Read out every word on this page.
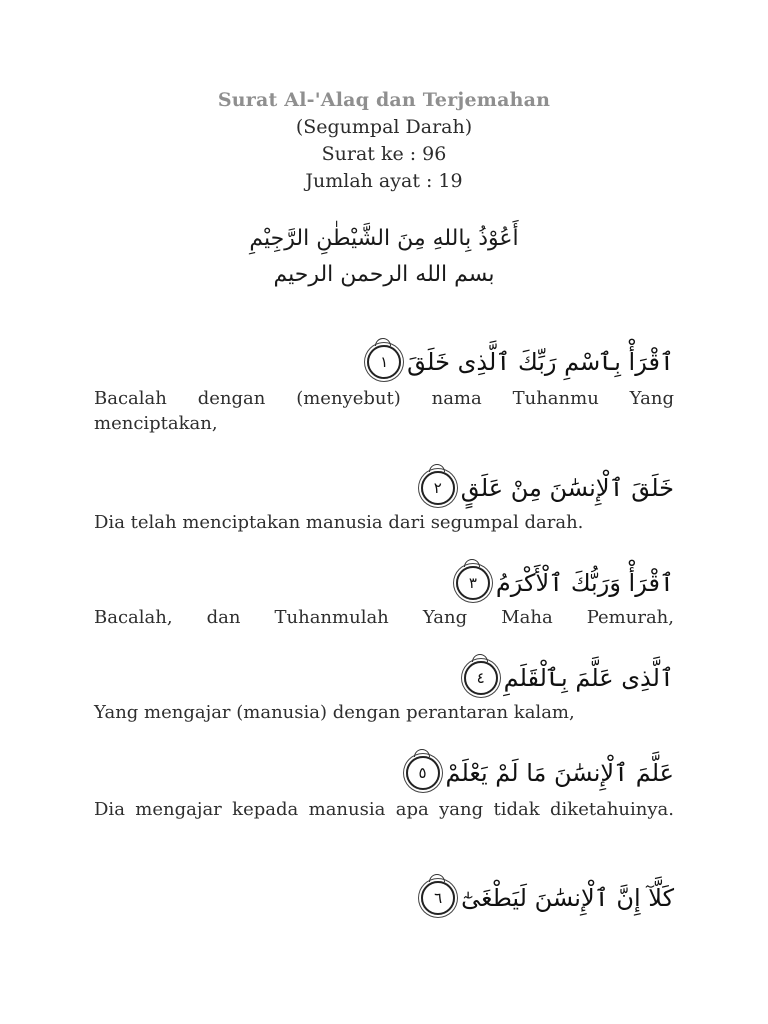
Surat Al-'Alaq dan Terjemahan
(Segumpal Darah)
Surat ke : 96
Jumlah ayat : 19
أَعُوْذُ بِاللهِ مِنَ الشَّيْطٰنِ الرَّجِيْمِ
بسم الله الرحمن الرحيم
ٱقْرَأْ بِٱسْمِ رَبِّكَ ٱلَّذِى خَلَقَ
١
Bacalah dengan (menyebut) nama Tuhanmu Yang menciptakan,
خَلَقَ ٱلْإِنسَٰنَ مِنْ عَلَقٍ
٢
Dia telah menciptakan manusia dari segumpal darah.
ٱقْرَأْ وَرَبُّكَ ٱلْأَكْرَمُ
٣
Bacalah, dan Tuhanmulah Yang Maha Pemurah,
ٱلَّذِى عَلَّمَ بِٱلْقَلَمِ
٤
Yang mengajar (manusia) dengan perantaran kalam,
عَلَّمَ ٱلْإِنسَٰنَ مَا لَمْ يَعْلَمْ
٥
Dia mengajar kepada manusia apa yang tidak diketahuinya.
كَلَّآ إِنَّ ٱلْإِنسَٰنَ لَيَطْغَىٰٓ
٦
